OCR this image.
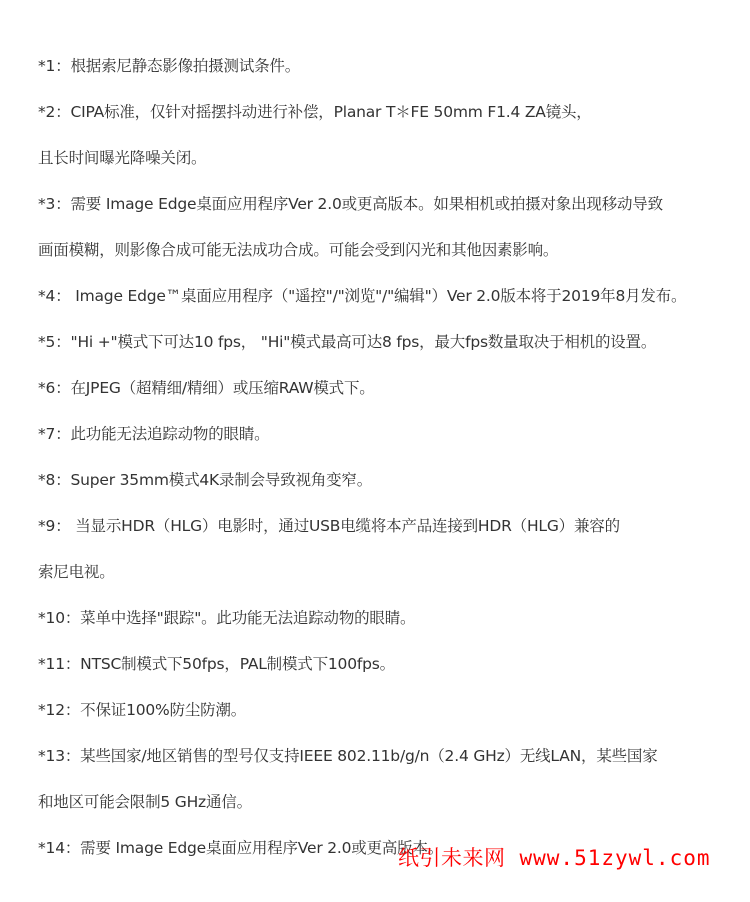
*1：根据索尼静态影像拍摄测试条件。
*2：CIPA标准，仅针对摇摆抖动进行补偿，Planar T＊FE 50mm F1.4 ZA镜头，
且长时间曝光降噪关闭。
*3：需要 Image Edge桌面应用程序Ver 2.0或更高版本。如果相机或拍摄对象出现移动导致
画面模糊，则影像合成可能无法成功合成。可能会受到闪光和其他因素影响。
*4： Image Edge™桌面应用程序（"遥控"/"浏览"/"编辑"）Ver 2.0版本将于2019年8月发布。
*5："Hi +"模式下可达10 fps， "Hi"模式最高可达8 fps，最大fps数量取决于相机的设置。
*6：在JPEG（超精细/精细）或压缩RAW模式下。
*7：此功能无法追踪动物的眼睛。
*8：Super 35mm模式4K录制会导致视角变窄。
*9： 当显示HDR（HLG）电影时，通过USB电缆将本产品连接到HDR（HLG）兼容的
索尼电视。
*10：菜单中选择"跟踪"。此功能无法追踪动物的眼睛。
*11：NTSC制模式下50fps，PAL制模式下100fps。
*12：不保证100%防尘防潮。
*13：某些国家/地区销售的型号仅支持IEEE 802.11b/g/n（2.4 GHz）无线LAN，某些国家
和地区可能会限制5 GHz通信。
*14：需要 Image Edge桌面应用程序Ver 2.0或更高版本。
纸引未来网 www.51zywl.com
